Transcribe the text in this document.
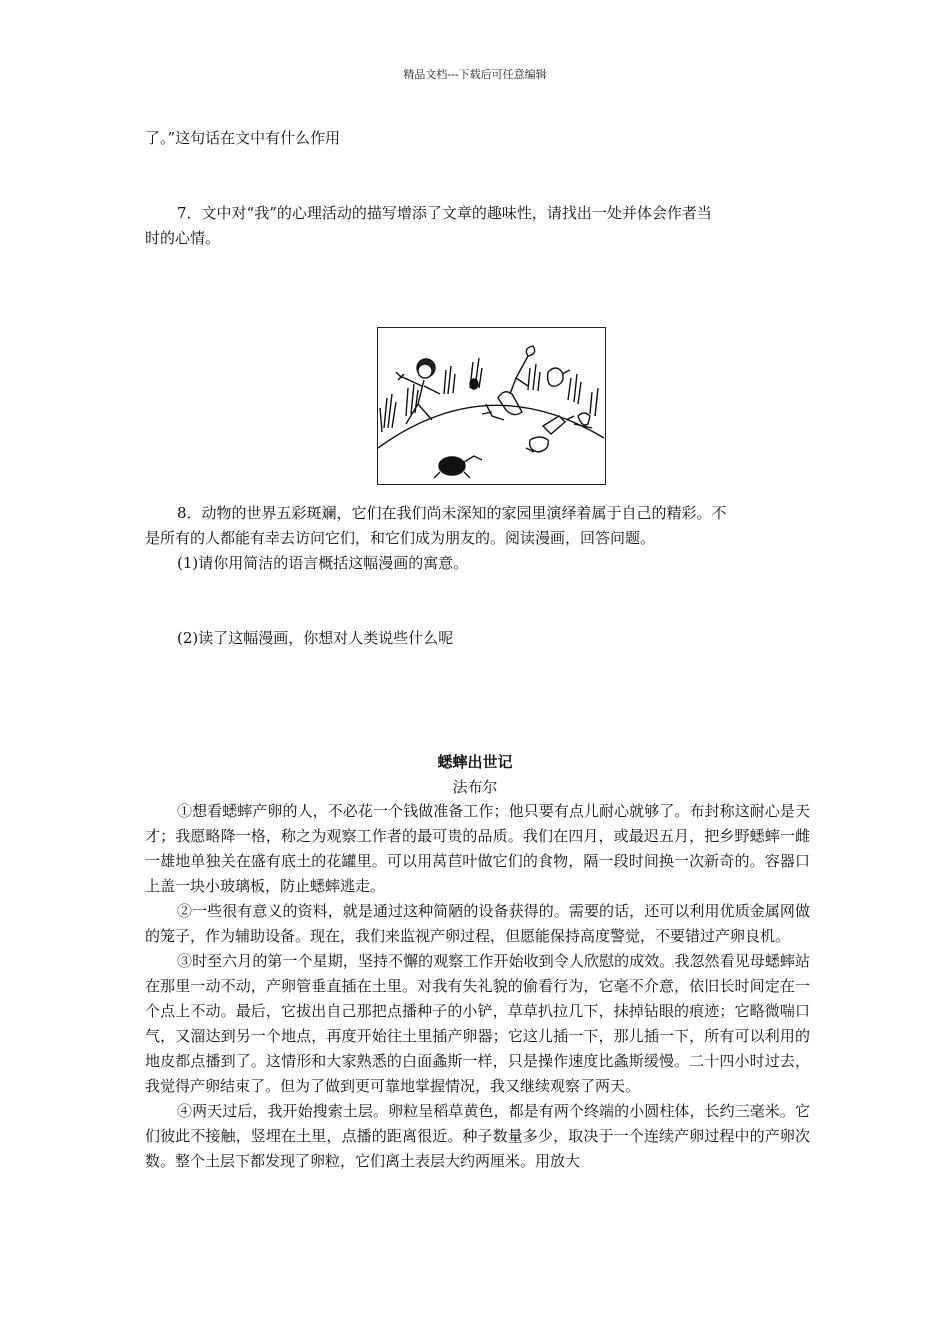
精品文档---下载后可任意编辑
了。”这句话在文中有什么作用
7．文中对“我”的心理活动的描写增添了文章的趣味性，请找出一处并体会作者当
时的心情。
8．动物的世界五彩斑斓，它们在我们尚未深知的家园里演绎着属于自己的精彩。不
是所有的人都能有幸去访问它们，和它们成为朋友的。阅读漫画，回答问题。
(1)请你用简洁的语言概括这幅漫画的寓意。
(2)读了这幅漫画，你想对人类说些什么呢
蟋蟀出世记
法布尔

①想看蟋蟀产卵的人，不必花一个钱做准备工作；他只要有点儿耐心就够了。布封称这耐心是天才；我愿略降一格，称之为观察工作者的最可贵的品质。我们在四月，或最迟五月，把乡野蟋蟀一雌一雄地单独关在盛有底土的花罐里。可以用莴苣叶做它们的食物，隔一段时间换一次新奇的。容器口上盖一块小玻璃板，防止蟋蟀逃走。

②一些很有意义的资料，就是通过这种简陋的设备获得的。需要的话，还可以利用优质金属网做的笼子，作为辅助设备。现在，我们来监视产卵过程，但愿能保持高度警觉，不要错过产卵良机。

③时至六月的第一个星期，坚持不懈的观察工作开始收到令人欣慰的成效。我忽然看见母蟋蟀站在那里一动不动，产卵管垂直插在土里。对我有失礼貌的偷看行为，它毫不介意，依旧长时间定在一个点上不动。最后，它拔出自己那把点播种子的小铲，草草扒拉几下，抹掉钻眼的痕迹；它略微喘口气，又溜达到另一个地点，再度开始往土里插产卵器；它这儿插一下，那儿插一下，所有可以利用的地皮都点播到了。这情形和大家熟悉的白面螽斯一样，只是操作速度比螽斯缓慢。二十四小时过去，我觉得产卵结束了。但为了做到更可靠地掌握情况，我又继续观察了两天。

④两天过后，我开始搜索土层。卵粒呈稻草黄色，都是有两个终端的小圆柱体，长约三毫米。它们彼此不接触，竖埋在土里，点播的距离很近。种子数量多少，取决于一个连续产卵过程中的产卵次数。整个土层下都发现了卵粒，它们离土表层大约两厘米。用放大
